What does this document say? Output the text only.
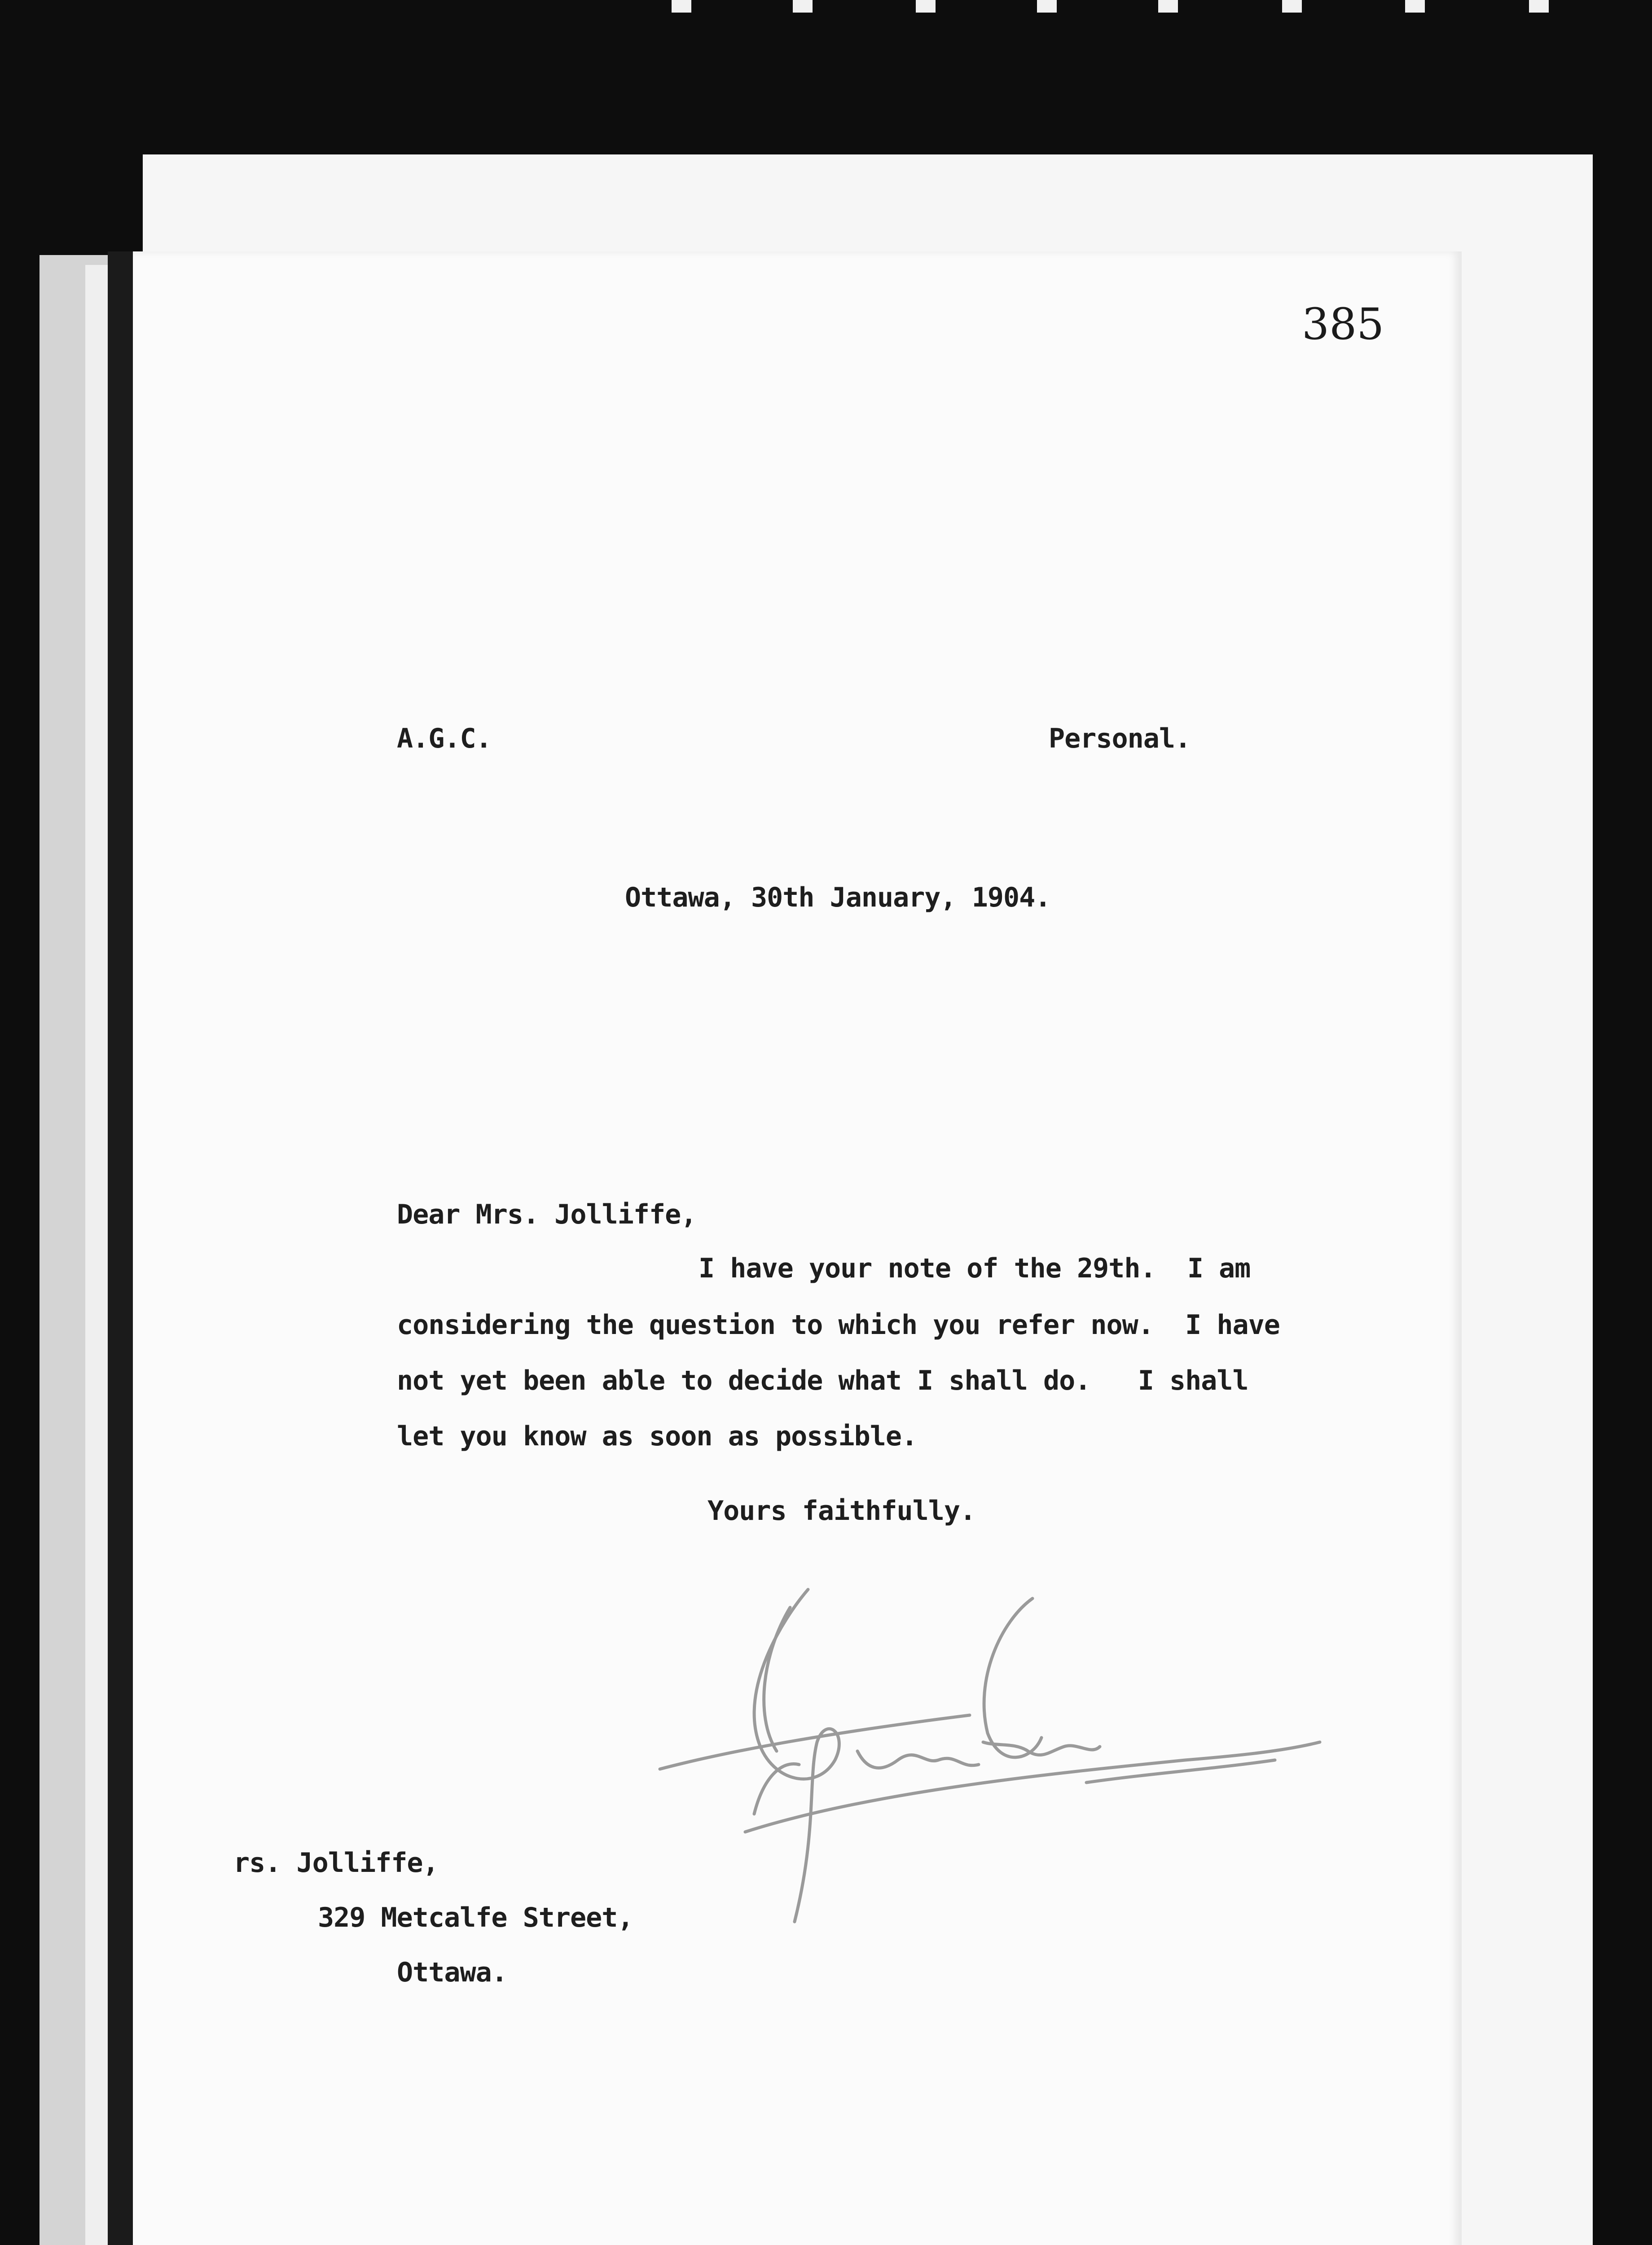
385
A.G.C.	Personal.
Ottawa, 30th January, 1904.
Dear Mrs. Jolliffe,
I have your note of the 29th.  I am
considering the question to which you refer now.  I have
not yet been able to decide what I shall do.   I shall
let you know as soon as possible.
Yours faithfully.
rs. Jolliffe,
329 Metcalfe Street,
Ottawa.
